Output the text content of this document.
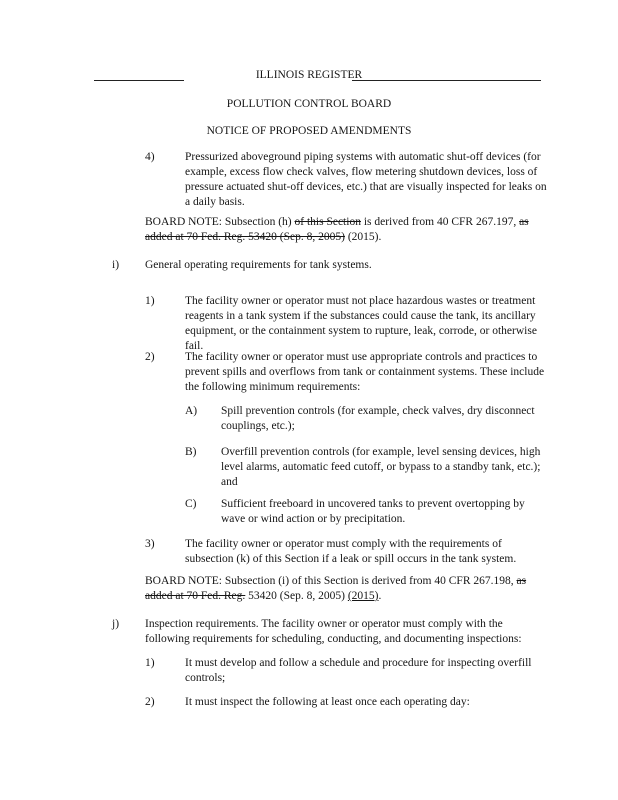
ILLINOIS REGISTER
POLLUTION CONTROL BOARD
NOTICE OF PROPOSED AMENDMENTS
4)	Pressurized aboveground piping systems with automatic shut-off devices (for example, excess flow check valves, flow metering shutdown devices, loss of pressure actuated shut-off devices, etc.) that are visually inspected for leaks on a daily basis.
BOARD NOTE: Subsection (h) of this Section is derived from 40 CFR 267.197, as added at 70 Fed. Reg. 53420 (Sep. 8, 2005) (2015).
i) General operating requirements for tank systems.
1)	The facility owner or operator must not place hazardous wastes or treatment reagents in a tank system if the substances could cause the tank, its ancillary equipment, or the containment system to rupture, leak, corrode, or otherwise fail.
2)	The facility owner or operator must use appropriate controls and practices to prevent spills and overflows from tank or containment systems. These include the following minimum requirements:
A) Spill prevention controls (for example, check valves, dry disconnect couplings, etc.);
B) Overfill prevention controls (for example, level sensing devices, high level alarms, automatic feed cutoff, or bypass to a standby tank, etc.); and
C) Sufficient freeboard in uncovered tanks to prevent overtopping by wave or wind action or by precipitation.
3)	The facility owner or operator must comply with the requirements of subsection (k) of this Section if a leak or spill occurs in the tank system.
BOARD NOTE: Subsection (i) of this Section is derived from 40 CFR 267.198, as added at 70 Fed. Reg. 53420 (Sep. 8, 2005) (2015).
j) Inspection requirements. The facility owner or operator must comply with the following requirements for scheduling, conducting, and documenting inspections:
1)	It must develop and follow a schedule and procedure for inspecting overfill controls;
2)	It must inspect the following at least once each operating day:
